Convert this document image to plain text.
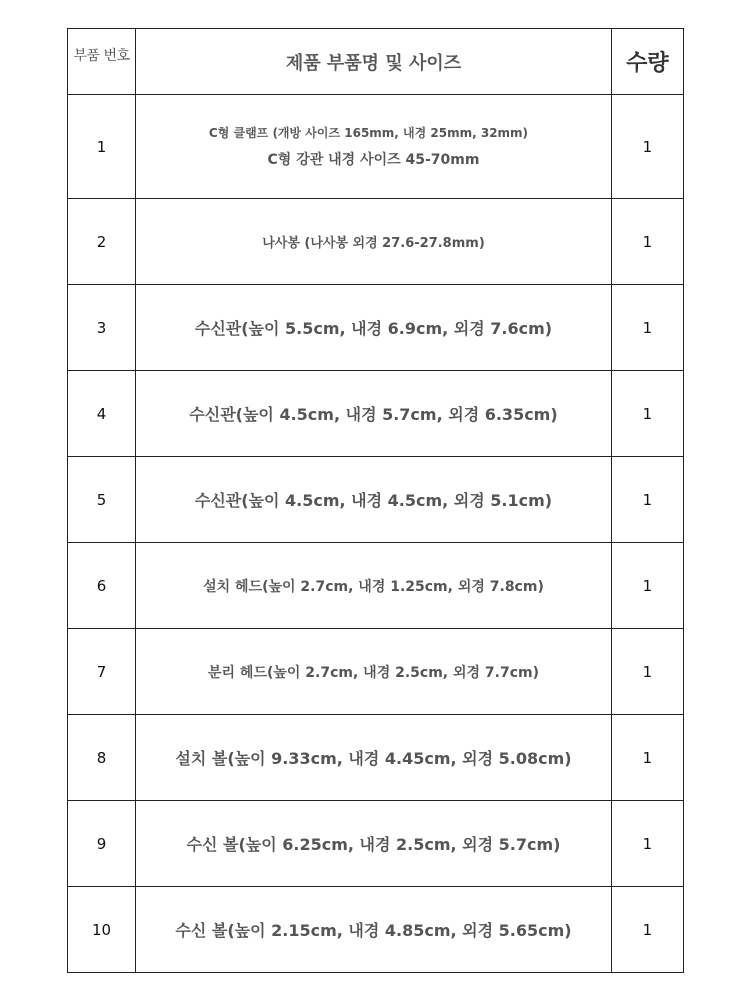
부품 번호	제품 부품명 및 사이즈	수량
1	C형 클램프 (개방 사이즈 165mm, 내경 25mm, 32mm)
C형 강관 내경 사이즈 45-70mm	1
2	나사봉 (나사봉 외경 27.6-27.8mm)	1
3	수신관(높이 5.5cm, 내경 6.9cm, 외경 7.6cm)	1
4	수신관(높이 4.5cm, 내경 5.7cm, 외경 6.35cm)	1
5	수신관(높이 4.5cm, 내경 4.5cm, 외경 5.1cm)	1
6	설치 헤드(높이 2.7cm, 내경 1.25cm, 외경 7.8cm)	1
7	분리 헤드(높이 2.7cm, 내경 2.5cm, 외경 7.7cm)	1
8	설치 볼(높이 9.33cm, 내경 4.45cm, 외경 5.08cm)	1
9	수신 볼(높이 6.25cm, 내경 2.5cm, 외경 5.7cm)	1
10	수신 볼(높이 2.15cm, 내경 4.85cm, 외경 5.65cm)	1
